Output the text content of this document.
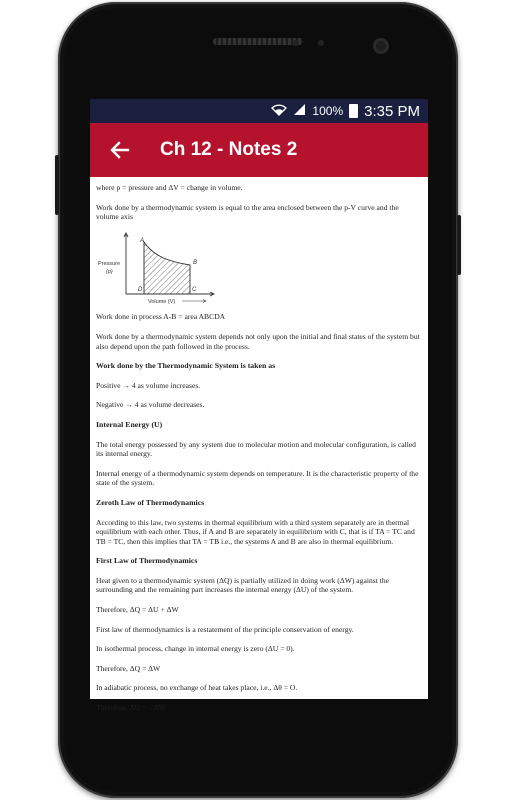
100% 3:35 PM
Ch 12 - Notes 2

where p = pressure and ΔV = change in volume.

Work done by a thermodynamic system is equal to the area enclosed between the p-V curve and the volume axis

A
B
C
D
Pressure
(p)
Volume (V)

Work done in process A-B = area ABCDA

Work done by a thermodynamic system depends not only upon the initial and final states of the system but also depend upon the path followed in the process.

Work done by the Thermodynamic System is taken as

Positive → 4 as volume increases.

Negative → 4 as volume decreases.

Internal Energy (U)

The total energy possessed by any system due to molecular motion and molecular configuration, is called its internal energy.

Internal energy of a thermodynamic system depends on temperature. It is the characteristic property of the state of the system.

Zeroth Law of Thermodynamics

According to this law, two systems in thermal equilibrium with a third system separately are in thermal equilibrium with each other. Thus, if A and B are separately in equilibrium with C, that is if TA = TC and TB = TC, then this implies that TA = TB i.e., the systems A and B are also in thermal equilibrium.

First Law of Thermodynamics

Heat given to a thermodynamic system (ΔQ) is partially utilized in doing work (ΔW) against the surrounding and the remaining part increases the internal energy (ΔU) of the system.

Therefore, ΔQ = ΔU + ΔW

First law of thermodynamics is a restatement of the principle conservation of energy.

In isothermal process, change in internal energy is zero (ΔU = 0).

Therefore, ΔQ = ΔW

In adiabatic process, no exchange of heat takes place, i.e., Δθ = O.

Therefore, ΔU = – ΔW
